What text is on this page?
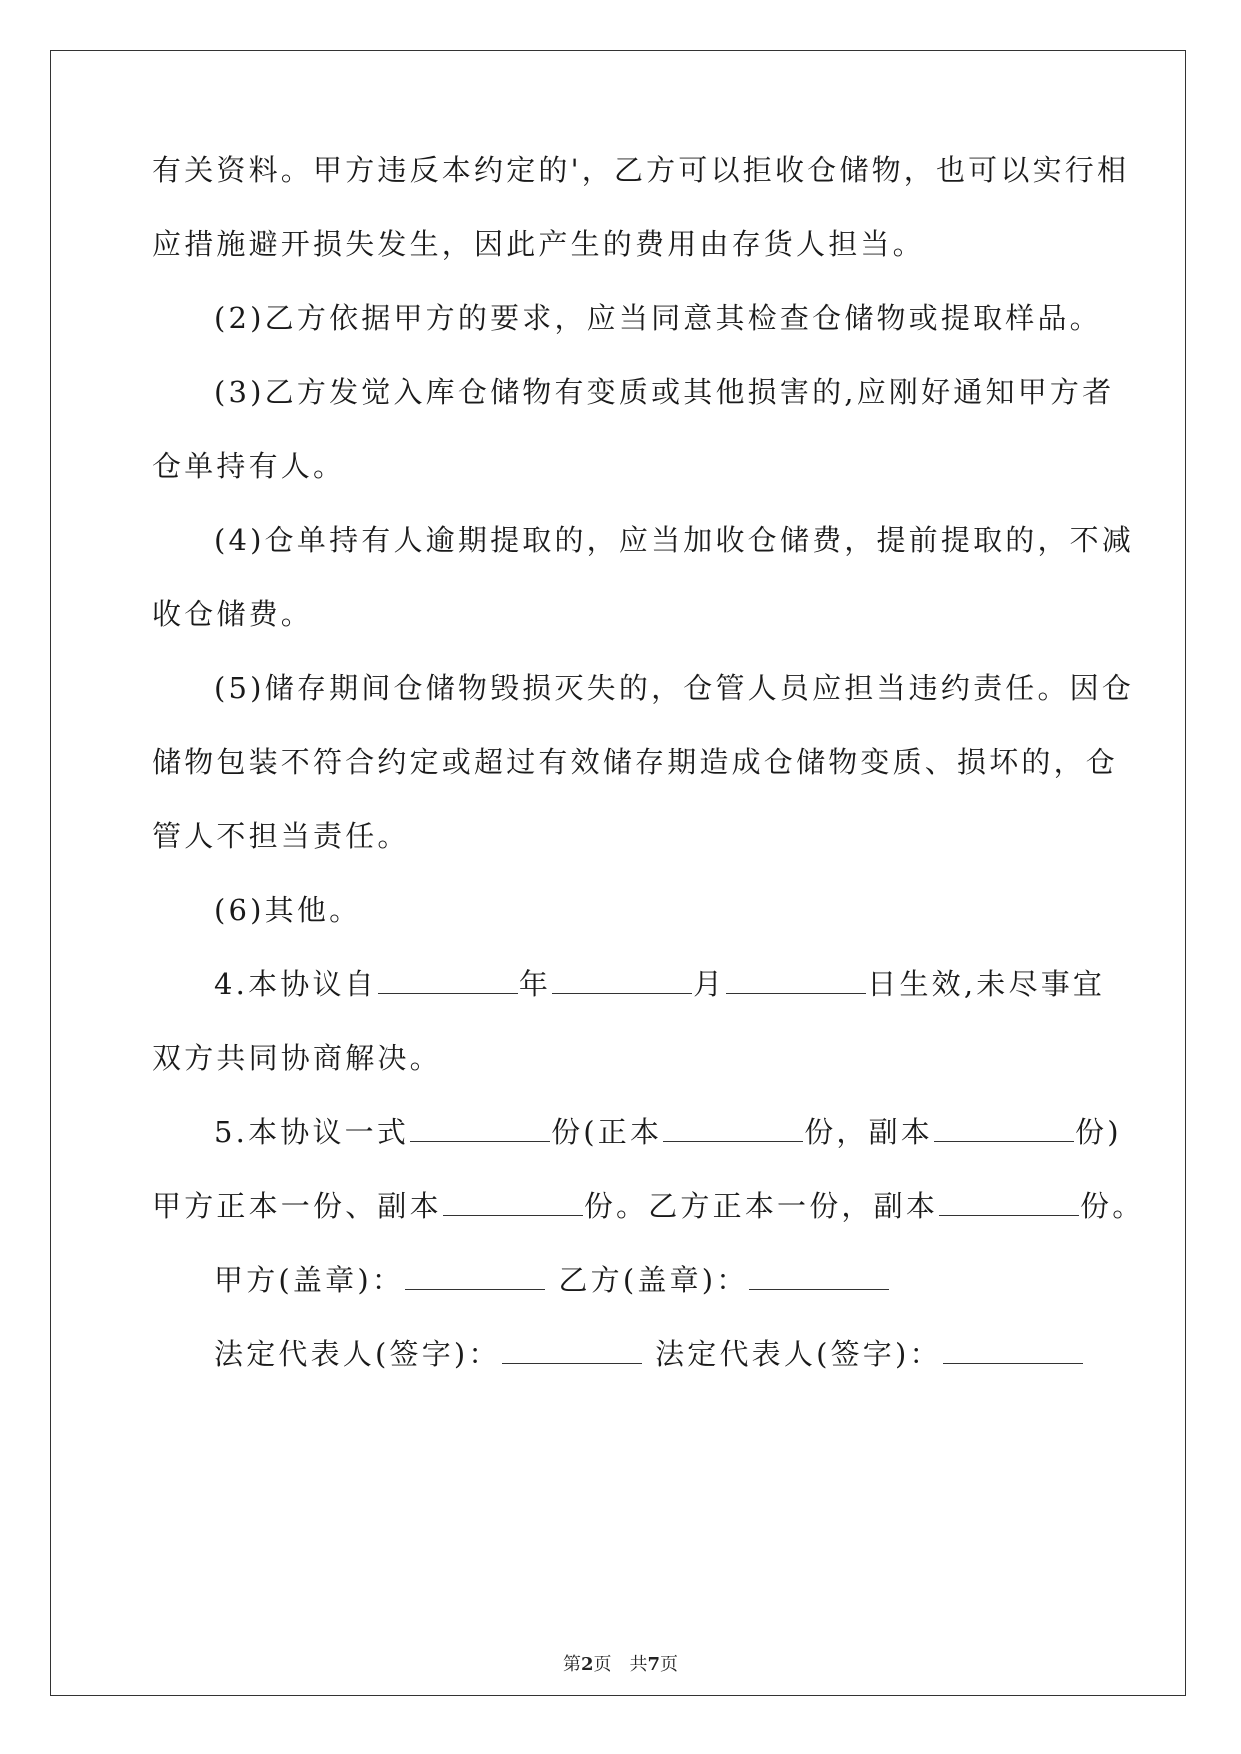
有关资料。甲方违反本约定的'，乙方可以拒收仓储物，也可以实行相
应措施避开损失发生，因此产生的费用由存货人担当。
(2)乙方依据甲方的要求，应当同意其检查仓储物或提取样品。
(3)乙方发觉入库仓储物有变质或其他损害的,应刚好通知甲方者
仓单持有人。
(4)仓单持有人逾期提取的，应当加收仓储费，提前提取的，不减
收仓储费。
(5)储存期间仓储物毁损灭失的，仓管人员应担当违约责任。因仓
储物包装不符合约定或超过有效储存期造成仓储物变质、损坏的，仓
管人不担当责任。
(6)其他。
4.本协议自	年	月	日生效,未尽事宜
双方共同协商解决。
5.本协议一式	份(正本	份，副本	份)
甲方正本一份、副本	份。乙方正本一份，副本	份。
甲方(盖章)：	乙方(盖章)：
法定代表人(签字)：	法定代表人(签字)：
第2页　共7页
